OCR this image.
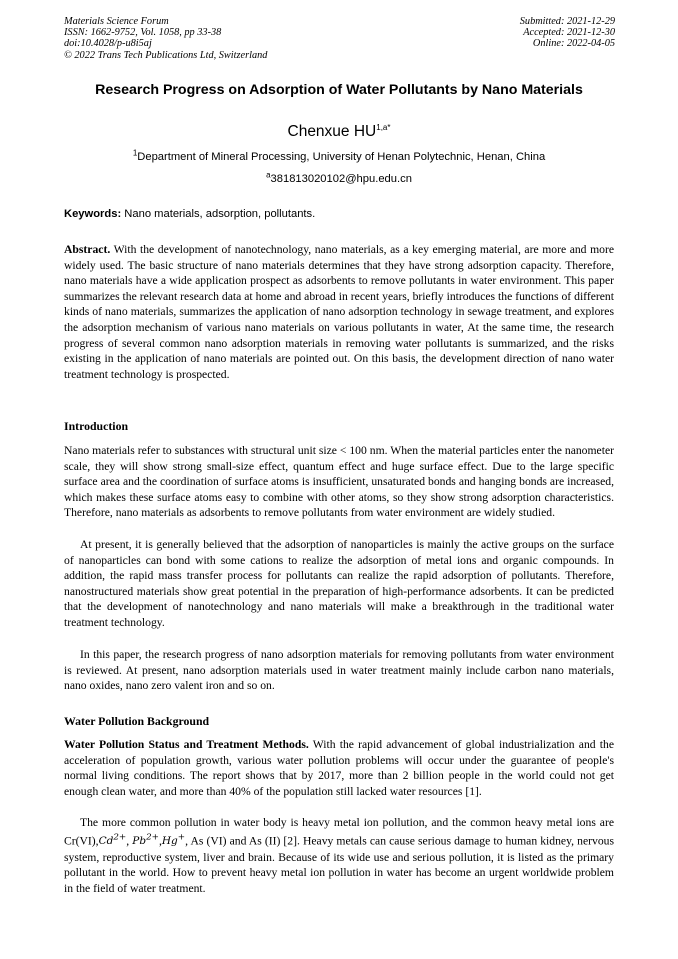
Materials Science Forum
ISSN: 1662-9752, Vol. 1058, pp 33-38
doi:10.4028/p-u8i5aj
© 2022 Trans Tech Publications Ltd, Switzerland
Submitted: 2021-12-29
Accepted: 2021-12-30
Online: 2022-04-05
Research Progress on Adsorption of Water Pollutants by Nano Materials

Chenxue $HU^{1,a*}$

$^1$Department of Mineral Processing, University of Henan Polytechnic, Henan, China

$^a$381813020102@hpu.edu.cn

Keywords: Nano materials, adsorption, pollutants.

Abstract. With the development of nanotechnology, nano materials, as a key emerging material, are more and more widely used. The basic structure of nano materials determines that they have strong adsorption capacity. Therefore, nano materials have a wide application prospect as adsorbents to remove pollutants in water environment. This paper summarizes the relevant research data at home and abroad in recent years, briefly introduces the functions of different kinds of nano materials, summarizes the application of nano adsorption technology in sewage treatment, and explores the adsorption mechanism of various nano materials on various pollutants in water, At the same time, the research progress of several common nano adsorption materials in removing water pollutants is summarized, and the risks existing in the application of nano materials are pointed out. On this basis, the development direction of nano water treatment technology is prospected.

Introduction

Nano materials refer to substances with structural unit size < 100 nm. When the material particles enter the nanometer scale, they will show strong small-size effect, quantum effect and huge surface effect. Due to the large specific surface area and the coordination of surface atoms is insufficient, unsaturated bonds and hanging bonds are increased, which makes these surface atoms easy to combine with other atoms, so they show strong adsorption characteristics. Therefore, nano materials as adsorbents to remove pollutants from water environment are widely studied.

At present, it is generally believed that the adsorption of nanoparticles is mainly the active groups on the surface of nanoparticles can bond with some cations to realize the adsorption of metal ions and organic compounds. In addition, the rapid mass transfer process for pollutants can realize the rapid adsorption of pollutants. Therefore, nanostructured materials show great potential in the preparation of high-performance adsorbents. It can be predicted that the development of nanotechnology and nano materials will make a breakthrough in the traditional water treatment technology.

In this paper, the research progress of nano adsorption materials for removing pollutants from water environment is reviewed. At present, nano adsorption materials used in water treatment mainly include carbon nano materials, nano oxides, nano zero valent iron and so on.

Water Pollution Background

Water Pollution Status and Treatment Methods. With the rapid advancement of global industrialization and the acceleration of population growth, various water pollution problems will occur under the guarantee of people's normal living conditions. The report shows that by 2017, more than 2 billion people in the world could not get enough clean water, and more than 40% of the population still lacked water resources [1].

The more common pollution in water body is heavy metal ion pollution, and the common heavy metal ions are $Cr(VI),Cd^{2+}$, $Pb^{2+},Hg^+$, As (VI) and As (II) [2]. Heavy metals can cause serious damage to human kidney, nervous system, reproductive system, liver and brain. Because of its wide use and serious pollution, it is listed as the primary pollutant in the world. How to prevent heavy metal ion pollution in water has become an urgent worldwide problem in the field of water treatment.
